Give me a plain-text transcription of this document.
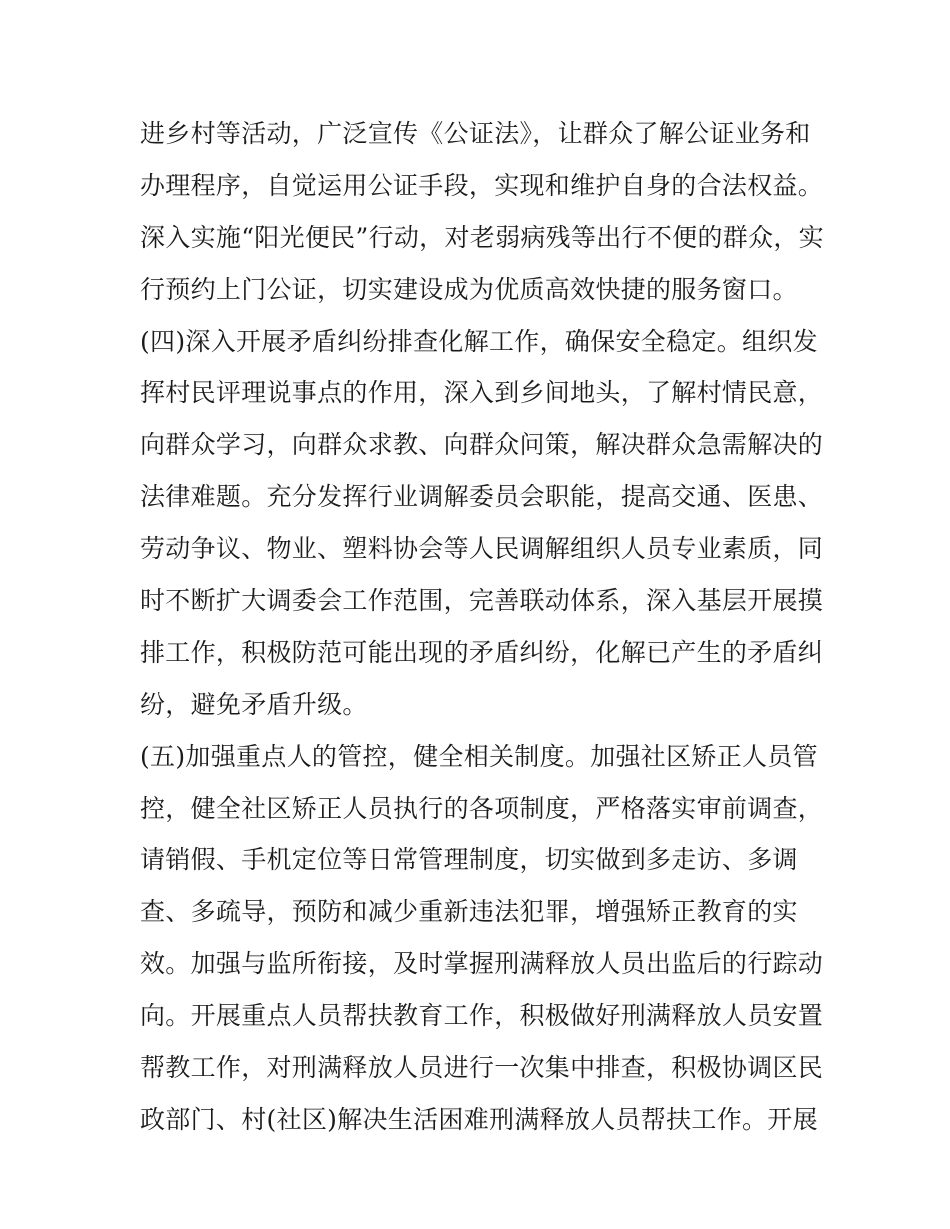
进乡村等活动，广泛宣传《公证法》，让群众了解公证业务和
办理程序，自觉运用公证手段，实现和维护自身的合法权益。
深入实施“阳光便民”行动，对老弱病残等出行不便的群众，实
行预约上门公证，切实建设成为优质高效快捷的服务窗口。
(四)深入开展矛盾纠纷排查化解工作，确保安全稳定。组织发
挥村民评理说事点的作用，深入到乡间地头，了解村情民意，
向群众学习，向群众求教、向群众问策，解决群众急需解决的
法律难题。充分发挥行业调解委员会职能，提高交通、医患、
劳动争议、物业、塑料协会等人民调解组织人员专业素质，同
时不断扩大调委会工作范围，完善联动体系，深入基层开展摸
排工作，积极防范可能出现的矛盾纠纷，化解已产生的矛盾纠
纷，避免矛盾升级。
(五)加强重点人的管控，健全相关制度。加强社区矫正人员管
控，健全社区矫正人员执行的各项制度，严格落实审前调查，
请销假、手机定位等日常管理制度，切实做到多走访、多调
查、多疏导，预防和减少重新违法犯罪，增强矫正教育的实
效。加强与监所衔接，及时掌握刑满释放人员出监后的行踪动
向。开展重点人员帮扶教育工作，积极做好刑满释放人员安置
帮教工作，对刑满释放人员进行一次集中排查，积极协调区民
政部门、村(社区)解决生活困难刑满释放人员帮扶工作。开展
